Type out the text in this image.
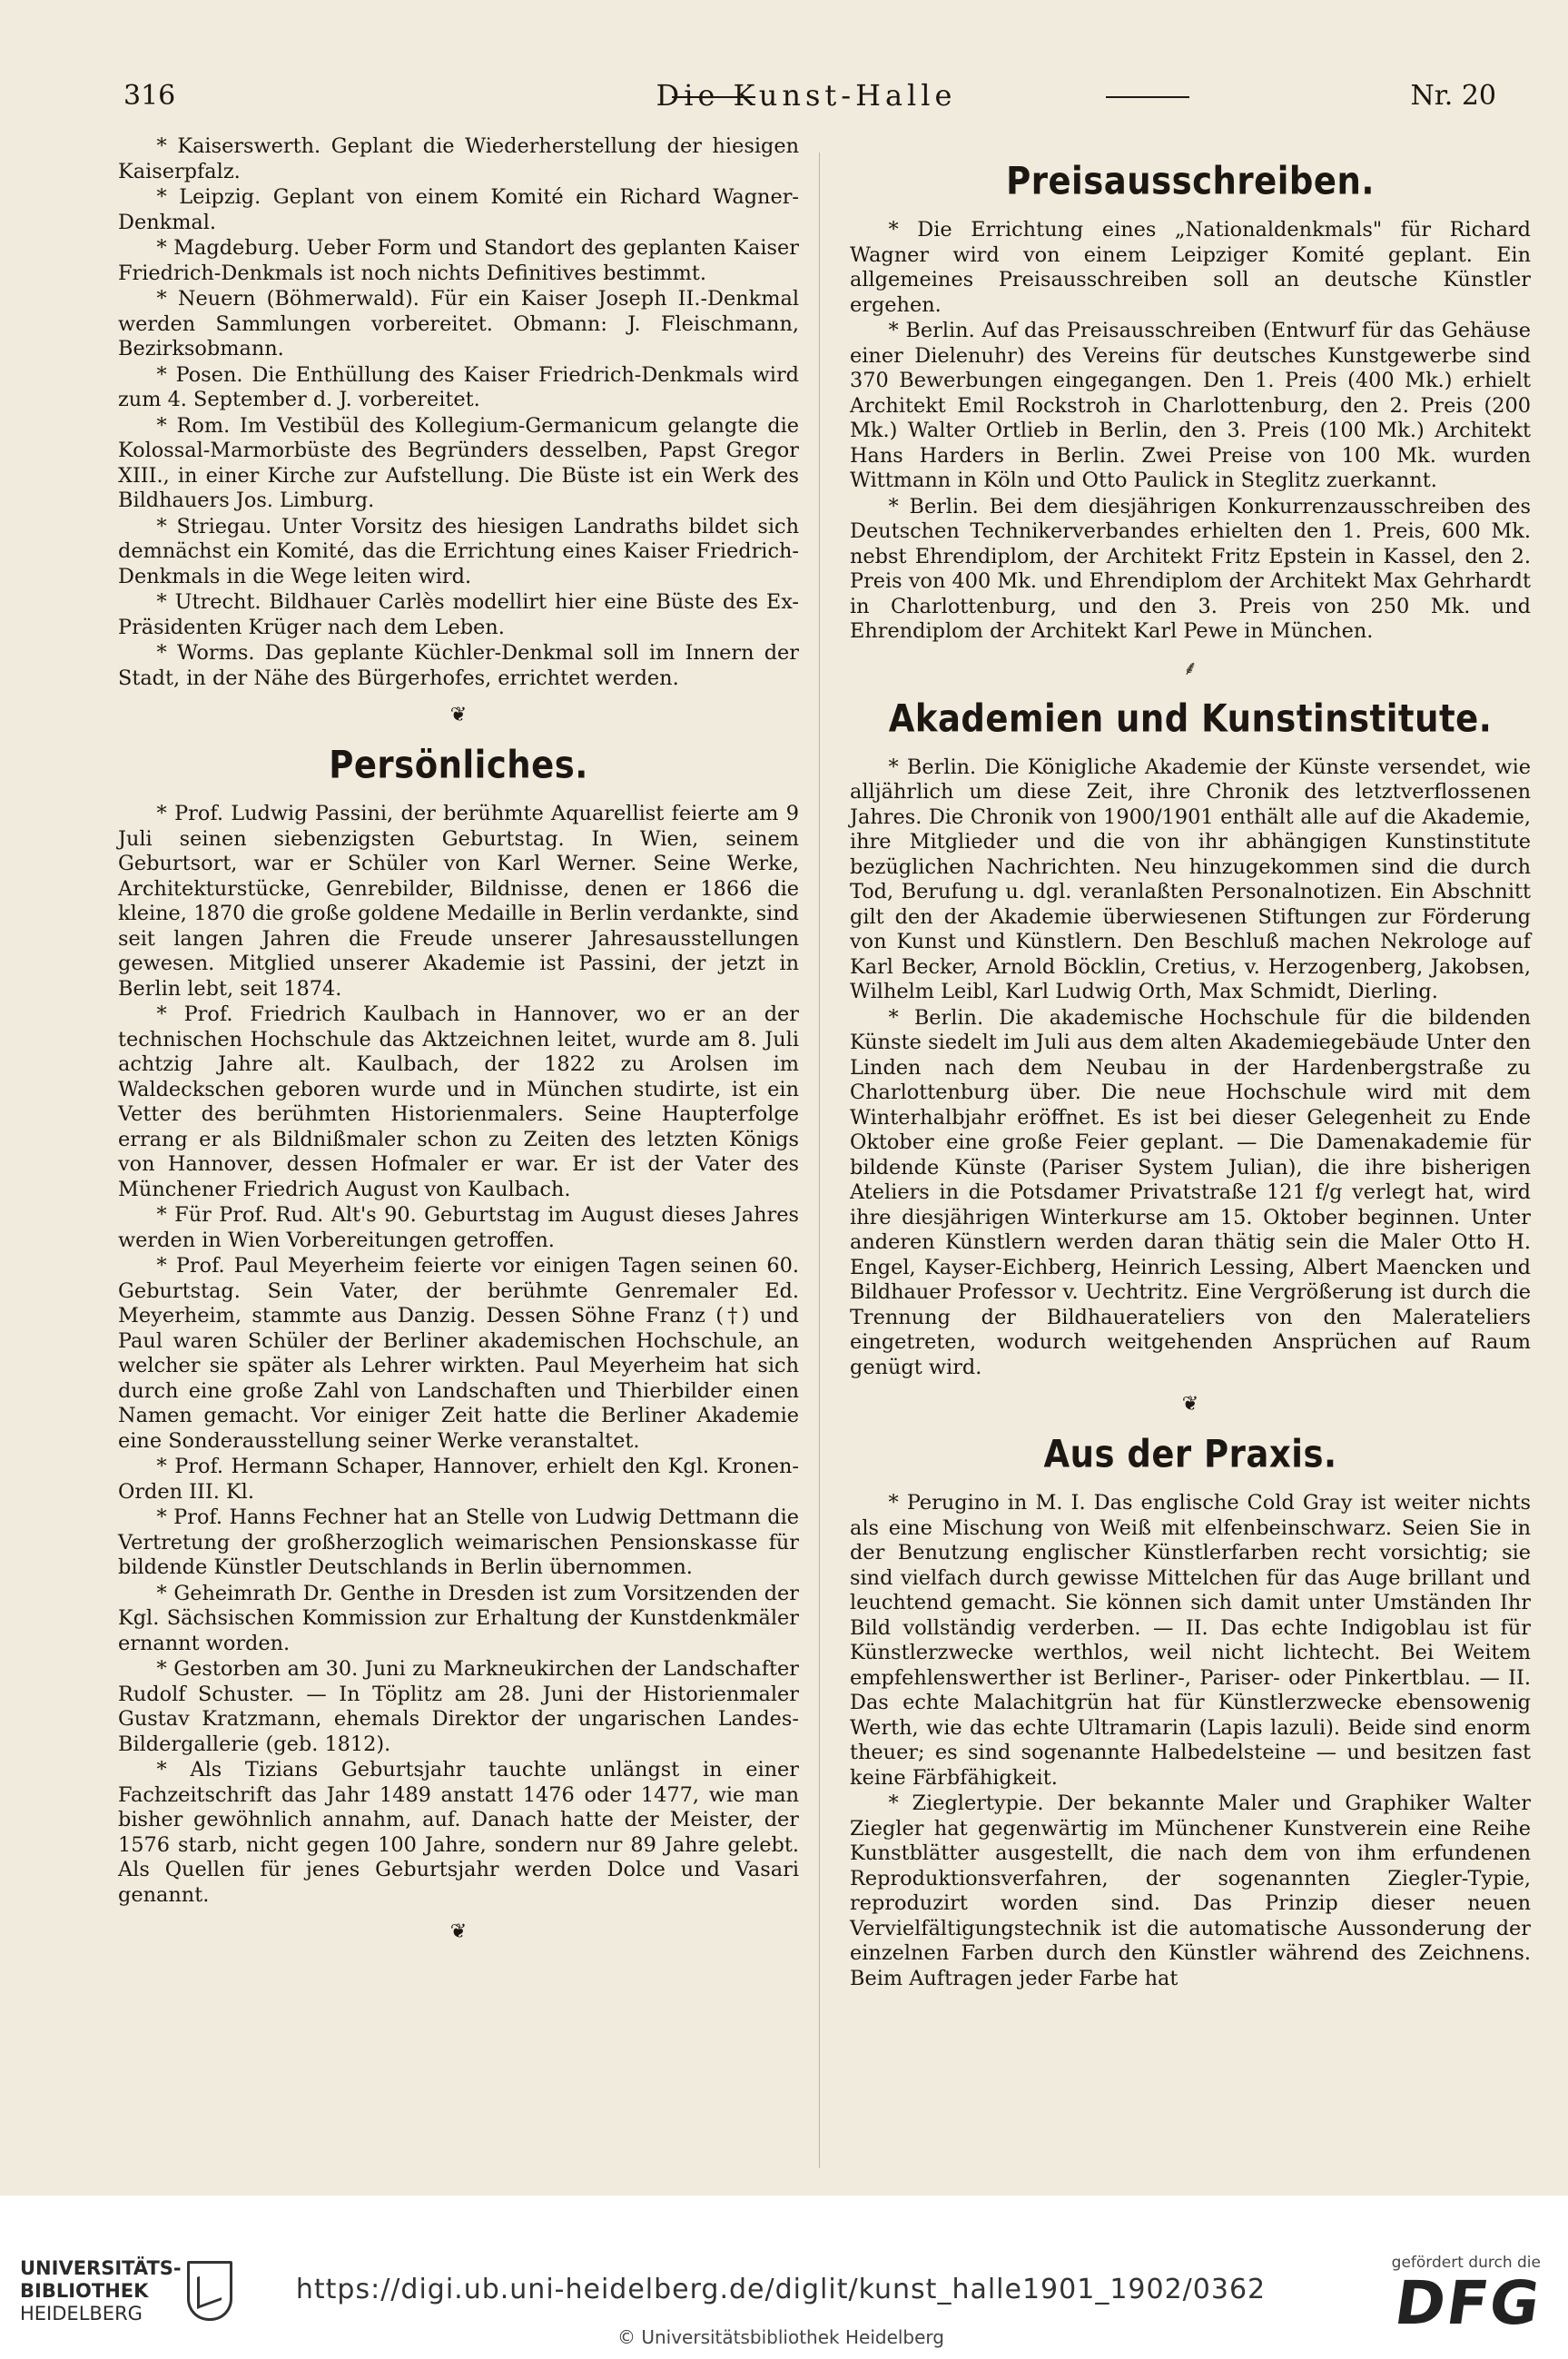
316	Die Kunst-Halle	Nr. 20

* Kaiserswerth. Geplant die Wiederherstellung der hiesigen Kaiserpfalz.

* Leipzig. Geplant von einem Komité ein Richard Wagner-Denkmal.

* Magdeburg. Ueber Form und Standort des geplanten Kaiser Friedrich-Denkmals ist noch nichts Definitives bestimmt.

* Neuern (Böhmerwald). Für ein Kaiser Joseph II.-Denkmal werden Sammlungen vorbereitet. Obmann: J. Fleischmann, Bezirksobmann.

* Posen. Die Enthüllung des Kaiser Friedrich-Denkmals wird zum 4. September d. J. vorbereitet.

* Rom. Im Vestibül des Kollegium-Germanicum gelangte die Kolossal-Marmorbüste des Begründers desselben, Papst Gregor XIII., in einer Kirche zur Aufstellung. Die Büste ist ein Werk des Bildhauers Jos. Limburg.

* Striegau. Unter Vorsitz des hiesigen Landraths bildet sich demnächst ein Komité, das die Errichtung eines Kaiser Friedrich-Denkmals in die Wege leiten wird.

* Utrecht. Bildhauer Carlès modellirt hier eine Büste des Ex-Präsidenten Krüger nach dem Leben.

* Worms. Das geplante Küchler-Denkmal soll im Innern der Stadt, in der Nähe des Bürgerhofes, errichtet werden.

❦
Persönliches.

* Prof. Ludwig Passini, der berühmte Aquarellist feierte am 9 Juli seinen siebenzigsten Geburtstag. In Wien, seinem Geburtsort, war er Schüler von Karl Werner. Seine Werke, Architekturstücke, Genrebilder, Bildnisse, denen er 1866 die kleine, 1870 die große goldene Medaille in Berlin verdankte, sind seit langen Jahren die Freude unserer Jahresausstellungen gewesen. Mitglied unserer Akademie ist Passini, der jetzt in Berlin lebt, seit 1874.

* Prof. Friedrich Kaulbach in Hannover, wo er an der technischen Hochschule das Aktzeichnen leitet, wurde am 8. Juli achtzig Jahre alt. Kaulbach, der 1822 zu Arolsen im Waldeckschen geboren wurde und in München studirte, ist ein Vetter des berühmten Historienmalers. Seine Haupterfolge errang er als Bildnißmaler schon zu Zeiten des letzten Königs von Hannover, dessen Hofmaler er war. Er ist der Vater des Münchener Friedrich August von Kaulbach.

* Für Prof. Rud. Alt's 90. Geburtstag im August dieses Jahres werden in Wien Vorbereitungen getroffen.

* Prof. Paul Meyerheim feierte vor einigen Tagen seinen 60. Geburtstag. Sein Vater, der berühmte Genremaler Ed. Meyerheim, stammte aus Danzig. Dessen Söhne Franz (†) und Paul waren Schüler der Berliner akademischen Hochschule, an welcher sie später als Lehrer wirkten. Paul Meyerheim hat sich durch eine große Zahl von Landschaften und Thierbilder einen Namen gemacht. Vor einiger Zeit hatte die Berliner Akademie eine Sonderausstellung seiner Werke veranstaltet.

* Prof. Hermann Schaper, Hannover, erhielt den Kgl. Kronen-Orden III. Kl.

* Prof. Hanns Fechner hat an Stelle von Ludwig Dettmann die Vertretung der großherzoglich weimarischen Pensionskasse für bildende Künstler Deutschlands in Berlin übernommen.

* Geheimrath Dr. Genthe in Dresden ist zum Vorsitzenden der Kgl. Sächsischen Kommission zur Erhaltung der Kunstdenkmäler ernannt worden.

* Gestorben am 30. Juni zu Markneukirchen der Landschafter Rudolf Schuster. — In Töplitz am 28. Juni der Historienmaler Gustav Kratzmann, ehemals Direktor der ungarischen Landes-Bildergallerie (geb. 1812).

* Als Tizians Geburtsjahr tauchte unlängst in einer Fachzeitschrift das Jahr 1489 anstatt 1476 oder 1477, wie man bisher gewöhnlich annahm, auf. Danach hatte der Meister, der 1576 starb, nicht gegen 100 Jahre, sondern nur 89 Jahre gelebt. Als Quellen für jenes Geburtsjahr werden Dolce und Vasari genannt.

❦
Preisausschreiben.

* Die Errichtung eines „Nationaldenkmals" für Richard Wagner wird von einem Leipziger Komité geplant. Ein allgemeines Preisausschreiben soll an deutsche Künstler ergehen.

* Berlin. Auf das Preisausschreiben (Entwurf für das Gehäuse einer Dielenuhr) des Vereins für deutsches Kunstgewerbe sind 370 Bewerbungen eingegangen. Den 1. Preis (400 Mk.) erhielt Architekt Emil Rockstroh in Charlottenburg, den 2. Preis (200 Mk.) Walter Ortlieb in Berlin, den 3. Preis (100 Mk.) Architekt Hans Harders in Berlin. Zwei Preise von 100 Mk. wurden Wittmann in Köln und Otto Paulick in Steglitz zuerkannt.

* Berlin. Bei dem diesjährigen Konkurrenzausschreiben des Deutschen Technikerverbandes erhielten den 1. Preis, 600 Mk. nebst Ehrendiplom, der Architekt Fritz Epstein in Kassel, den 2. Preis von 400 Mk. und Ehrendiplom der Architekt Max Gehrhardt in Charlottenburg, und den 3. Preis von 250 Mk. und Ehrendiplom der Architekt Karl Pewe in München.

⸙
Akademien und Kunstinstitute.

* Berlin. Die Königliche Akademie der Künste versendet, wie alljährlich um diese Zeit, ihre Chronik des letztverflossenen Jahres. Die Chronik von 1900/1901 enthält alle auf die Akademie, ihre Mitglieder und die von ihr abhängigen Kunstinstitute bezüglichen Nachrichten. Neu hinzugekommen sind die durch Tod, Berufung u. dgl. veranlaßten Personalnotizen. Ein Abschnitt gilt den der Akademie überwiesenen Stiftungen zur Förderung von Kunst und Künstlern. Den Beschluß machen Nekrologe auf Karl Becker, Arnold Böcklin, Cretius, v. Herzogenberg, Jakobsen, Wilhelm Leibl, Karl Ludwig Orth, Max Schmidt, Dierling.

* Berlin. Die akademische Hochschule für die bildenden Künste siedelt im Juli aus dem alten Akademiegebäude Unter den Linden nach dem Neubau in der Hardenbergstraße zu Charlottenburg über. Die neue Hochschule wird mit dem Winterhalbjahr eröffnet. Es ist bei dieser Gelegenheit zu Ende Oktober eine große Feier geplant. — Die Damenakademie für bildende Künste (Pariser System Julian), die ihre bisherigen Ateliers in die Potsdamer Privatstraße 121 f/g verlegt hat, wird ihre diesjährigen Winterkurse am 15. Oktober beginnen. Unter anderen Künstlern werden daran thätig sein die Maler Otto H. Engel, Kayser-Eichberg, Heinrich Lessing, Albert Maencken und Bildhauer Professor v. Uechtritz. Eine Vergrößerung ist durch die Trennung der Bildhauerateliers von den Malerateliers eingetreten, wodurch weitgehenden Ansprüchen auf Raum genügt wird.

❦
Aus der Praxis.

* Perugino in M. I. Das englische Cold Gray ist weiter nichts als eine Mischung von Weiß mit elfenbeinschwarz. Seien Sie in der Benutzung englischer Künstlerfarben recht vorsichtig; sie sind vielfach durch gewisse Mittelchen für das Auge brillant und leuchtend gemacht. Sie können sich damit unter Umständen Ihr Bild vollständig verderben. — II. Das echte Indigoblau ist für Künstlerzwecke werthlos, weil nicht lichtecht. Bei Weitem empfehlenswerther ist Berliner-, Pariser- oder Pinkertblau. — II. Das echte Malachitgrün hat für Künstlerzwecke ebensowenig Werth, wie das echte Ultramarin (Lapis lazuli). Beide sind enorm theuer; es sind sogenannte Halbedelsteine — und besitzen fast keine Färbfähigkeit.

* Zieglertypie. Der bekannte Maler und Graphiker Walter Ziegler hat gegenwärtig im Münchener Kunstverein eine Reihe Kunstblätter ausgestellt, die nach dem von ihm erfundenen Reproduktionsverfahren, der sogenannten Ziegler-Typie, reproduzirt worden sind. Das Prinzip dieser neuen Vervielfältigungstechnik ist die automatische Aussonderung der einzelnen Farben durch den Künstler während des Zeichnens. Beim Auftragen jeder Farbe hat

UNIVERSITÄTS-
BIBLIOTHEK
HEIDELBERG
https://digi.ub.uni-heidelberg.de/diglit/kunst_halle1901_1902/0362
© Universitätsbibliothek Heidelberg
gefördert durch die
DFG
